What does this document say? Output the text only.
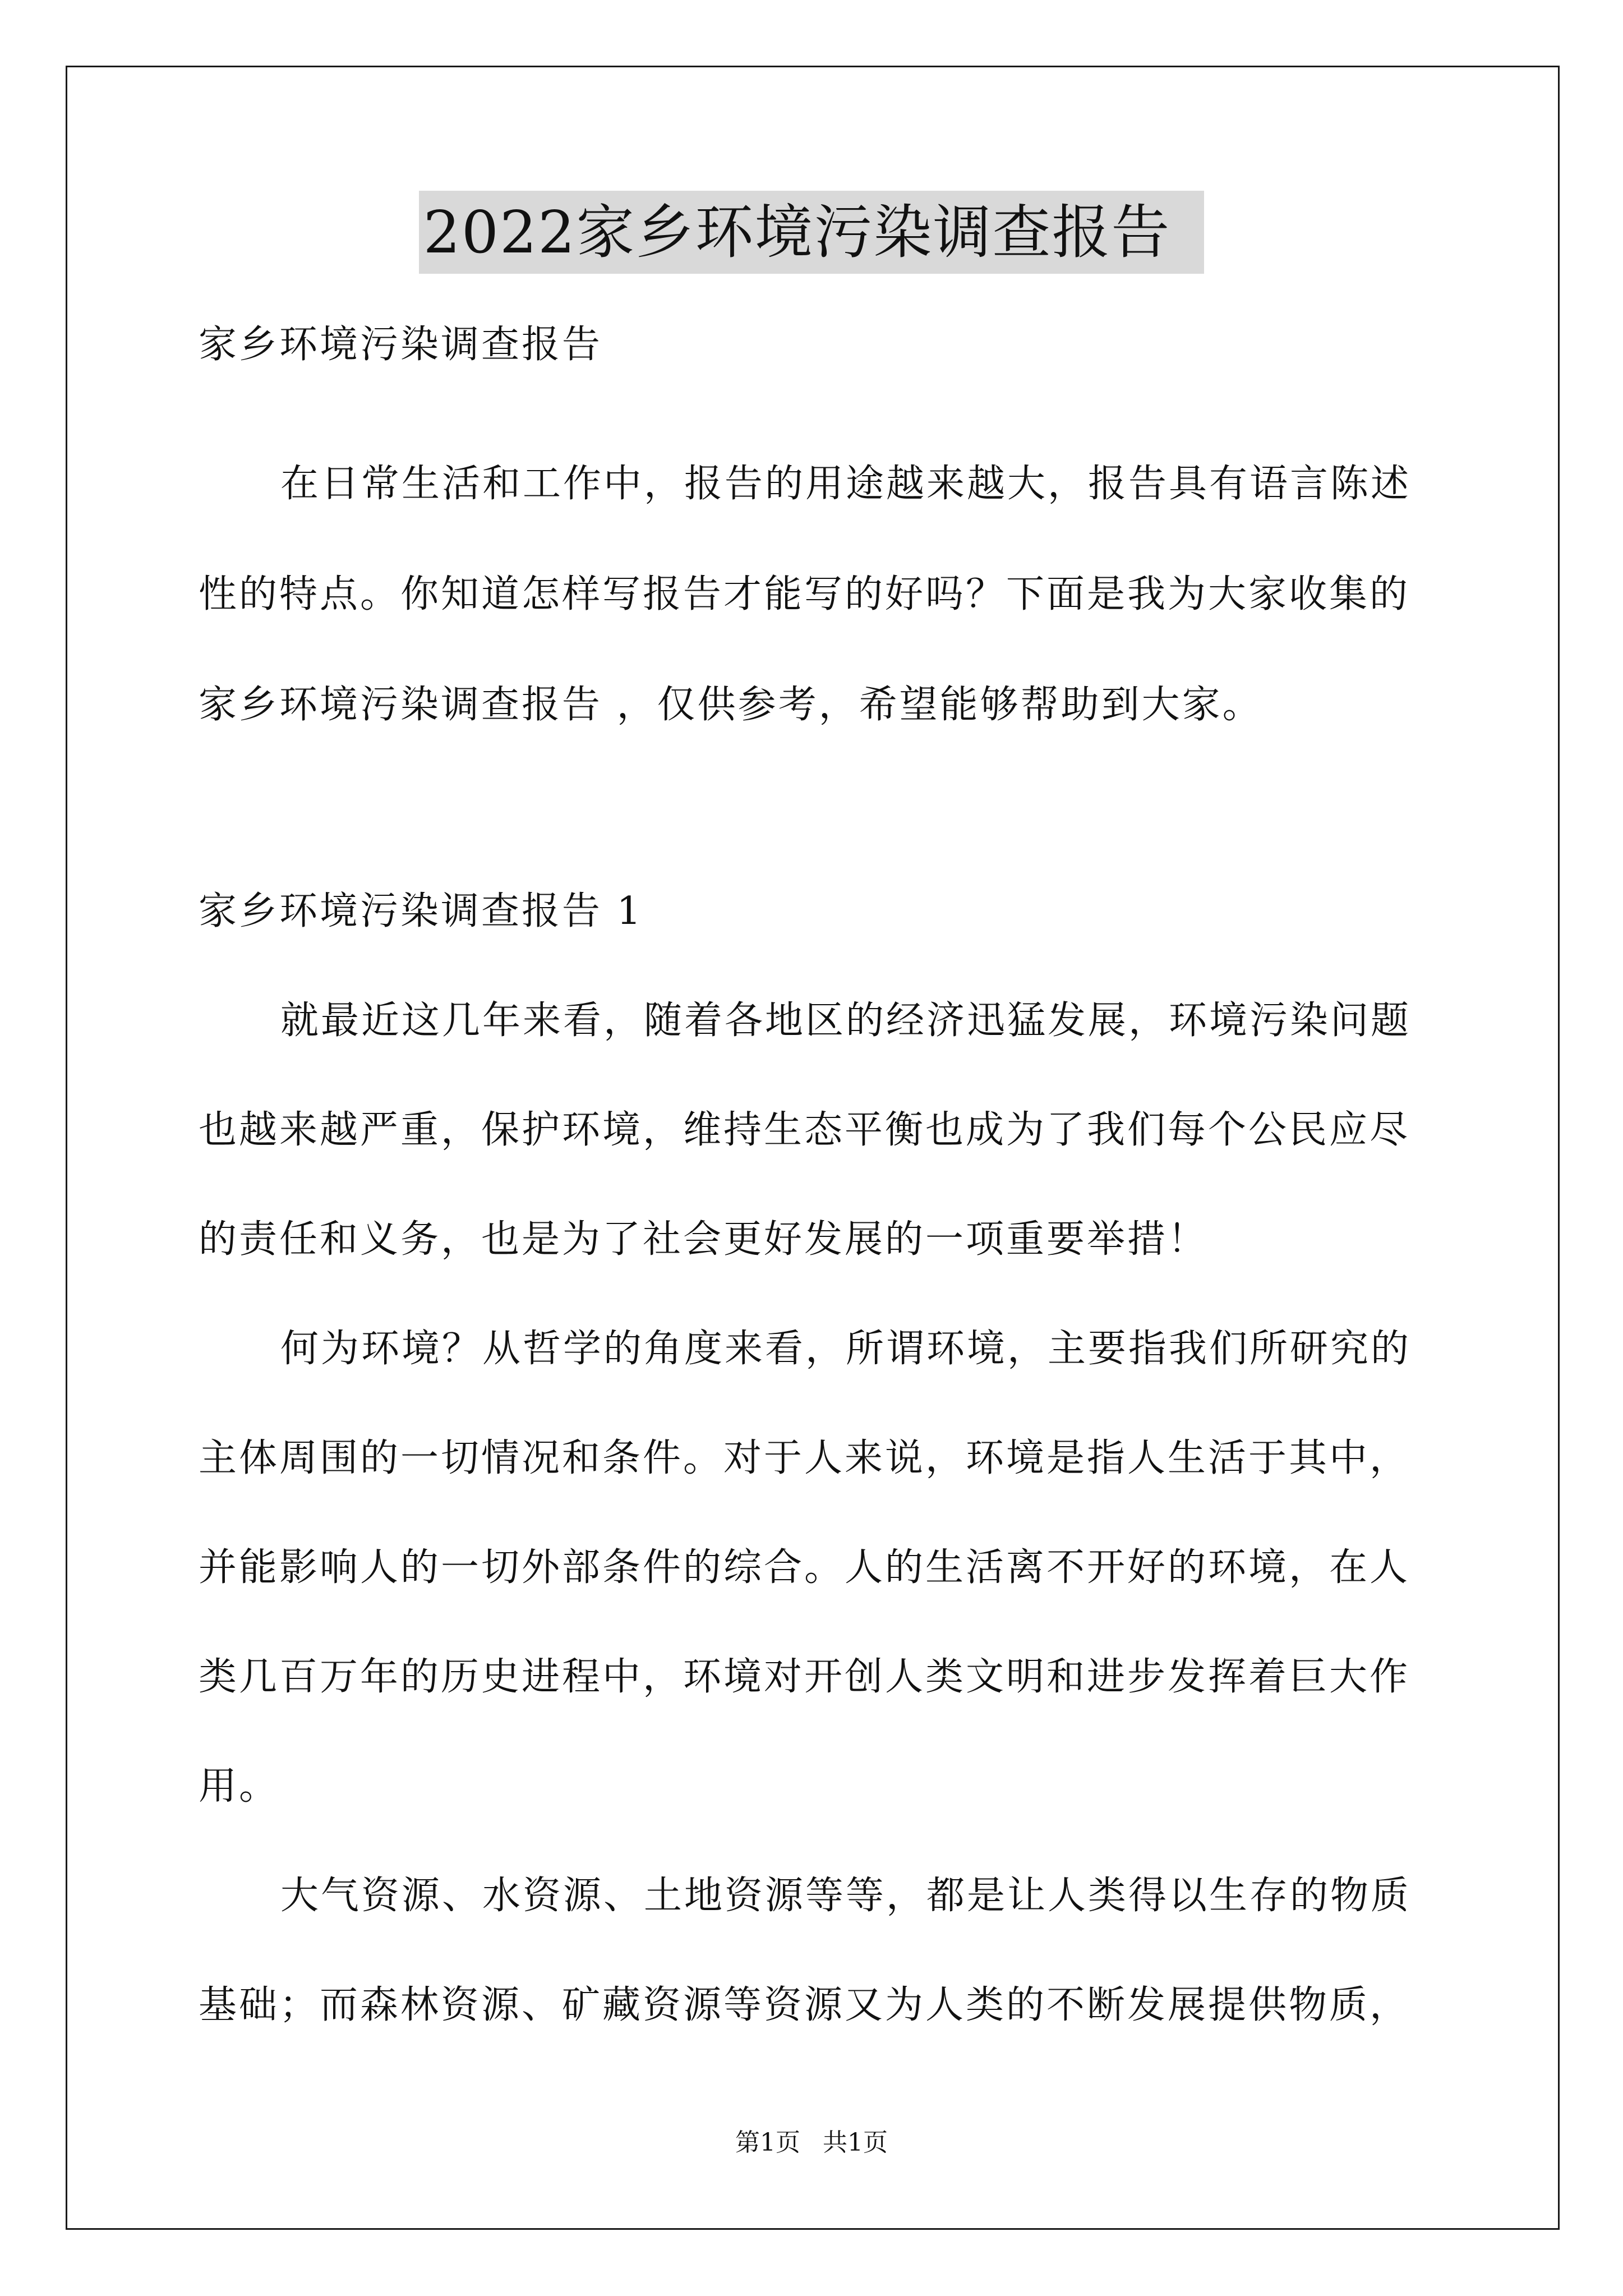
2022家乡环境污染调查报告
家乡环境污染调查报告
在日常生活和工作中，报告的用途越来越大，报告具有语言陈述
性的特点。你知道怎样写报告才能写的好吗？下面是我为大家收集的
家乡环境污染调查报告 ，仅供参考，希望能够帮助到大家。
家乡环境污染调查报告 1
就最近这几年来看，随着各地区的经济迅猛发展，环境污染问题
也越来越严重，保护环境，维持生态平衡也成为了我们每个公民应尽
的责任和义务，也是为了社会更好发展的一项重要举措！
何为环境？从哲学的角度来看，所谓环境，主要指我们所研究的
主体周围的一切情况和条件。对于人来说，环境是指人生活于其中，
并能影响人的一切外部条件的综合。人的生活离不开好的环境，在人
类几百万年的历史进程中，环境对开创人类文明和进步发挥着巨大作
用。
大气资源、水资源、土地资源等等，都是让人类得以生存的物质
基础；而森林资源、矿藏资源等资源又为人类的不断发展提供物质，
第1页 共1页
